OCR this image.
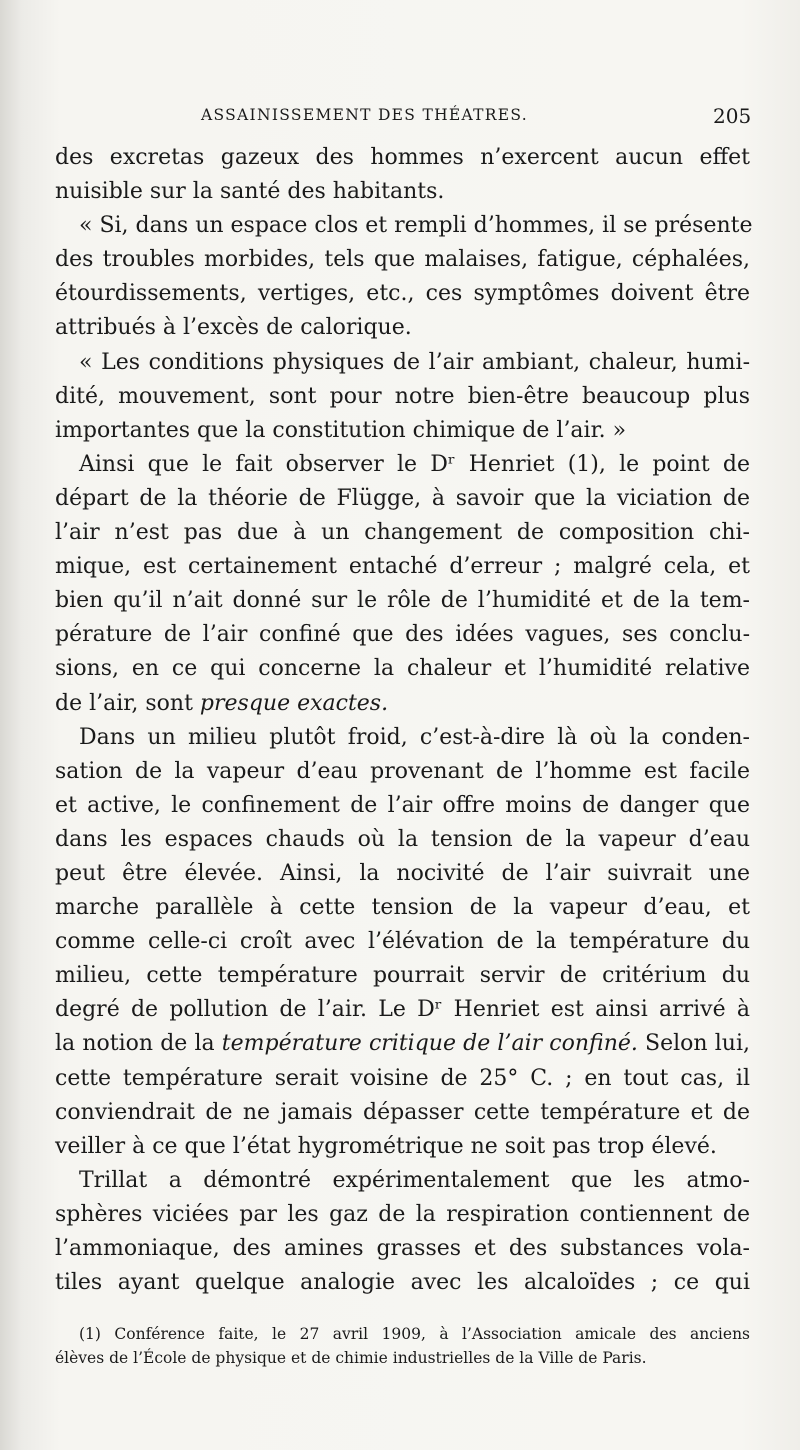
ASSAINISSEMENT DES THÉATRES.	205
des excretas gazeux des hommes n’exercent aucun effet
nuisible sur la santé des habitants.
« Si, dans un espace clos et rempli d’hommes, il se présente
des troubles morbides, tels que malaises, fatigue, céphalées,
étourdissements, vertiges, etc., ces symptômes doivent être
attribués à l’excès de calorique.
« Les conditions physiques de l’air ambiant, chaleur, humi-
dité, mouvement, sont pour notre bien-être beaucoup plus
importantes que la constitution chimique de l’air. »
Ainsi que le fait observer le Dʳ Henriet (1), le point de
départ de la théorie de Flügge, à savoir que la viciation de
l’air n’est pas due à un changement de composition chi-
mique, est certainement entaché d’erreur ; malgré cela, et
bien qu’il n’ait donné sur le rôle de l’humidité et de la tem-
pérature de l’air confiné que des idées vagues, ses conclu-
sions, en ce qui concerne la chaleur et l’humidité relative
de l’air, sont presque exactes.
Dans un milieu plutôt froid, c’est-à-dire là où la conden-
sation de la vapeur d’eau provenant de l’homme est facile
et active, le confinement de l’air offre moins de danger que
dans les espaces chauds où la tension de la vapeur d’eau
peut être élevée. Ainsi, la nocivité de l’air suivrait une
marche parallèle à cette tension de la vapeur d’eau, et
comme celle-ci croît avec l’élévation de la température du
milieu, cette température pourrait servir de critérium du
degré de pollution de l’air. Le Dʳ Henriet est ainsi arrivé à
la notion de la température critique de l’air confiné. Selon lui,
cette température serait voisine de 25° C. ; en tout cas, il
conviendrait de ne jamais dépasser cette température et de
veiller à ce que l’état hygrométrique ne soit pas trop élevé.
Trillat a démontré expérimentalement que les atmo-
sphères viciées par les gaz de la respiration contiennent de
l’ammoniaque, des amines grasses et des substances vola-
tiles ayant quelque analogie avec les alcaloïdes ; ce qui
(1) Conférence faite, le 27 avril 1909, à l’Association amicale des anciens
élèves de l’École de physique et de chimie industrielles de la Ville de Paris.
